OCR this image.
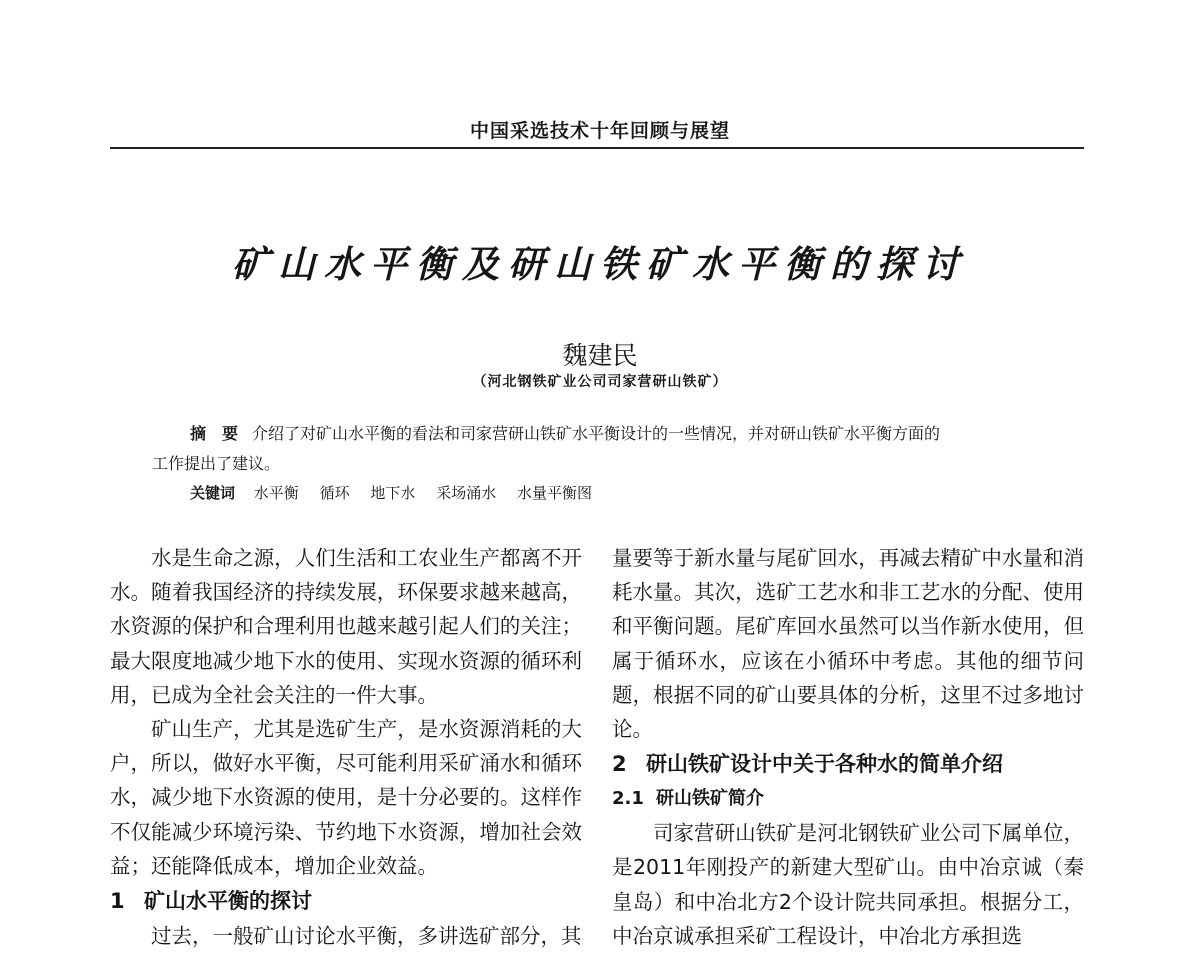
中国采选技术十年回顾与展望
矿山水平衡及研山铁矿水平衡的探讨
魏建民
（河北钢铁矿业公司司家营研山铁矿）
摘　要 介绍了对矿山水平衡的看法和司家营研山铁矿水平衡设计的一些情况，并对研山铁矿水平衡方面的
工作提出了建议。
关键词 水平衡 循环 地下水 采场涌水 水量平衡图

水是生命之源，人们生活和工农业生产都离不开水。随着我国经济的持续发展，环保要求越来越高，水资源的保护和合理利用也越来越引起人们的关注；最大限度地减少地下水的使用、实现水资源的循环利用，已成为全社会关注的一件大事。

矿山生产，尤其是选矿生产，是水资源消耗的大户，所以，做好水平衡，尽可能利用采矿涌水和循环水，减少地下水资源的使用，是十分必要的。这样作不仅能减少环境污染、节约地下水资源，增加社会效益；还能降低成本，增加企业效益。

1 矿山水平衡的探讨

过去，一般矿山讨论水平衡，多讲选矿部分，其

量要等于新水量与尾矿回水，再减去精矿中水量和消耗水量。其次，选矿工艺水和非工艺水的分配、使用和平衡问题。尾矿库回水虽然可以当作新水使用，但属于循环水，应该在小循环中考虑。其他的细节问题，根据不同的矿山要具体的分析，这里不过多地讨论。

2 研山铁矿设计中关于各种水的简单介绍
2.1 研山铁矿简介

司家营研山铁矿是河北钢铁矿业公司下属单位，是2011年刚投产的新建大型矿山。由中冶京诚（秦皇岛）和中冶北方2个设计院共同承担。根据分工，中冶京诚承担采矿工程设计，中冶北方承担选
